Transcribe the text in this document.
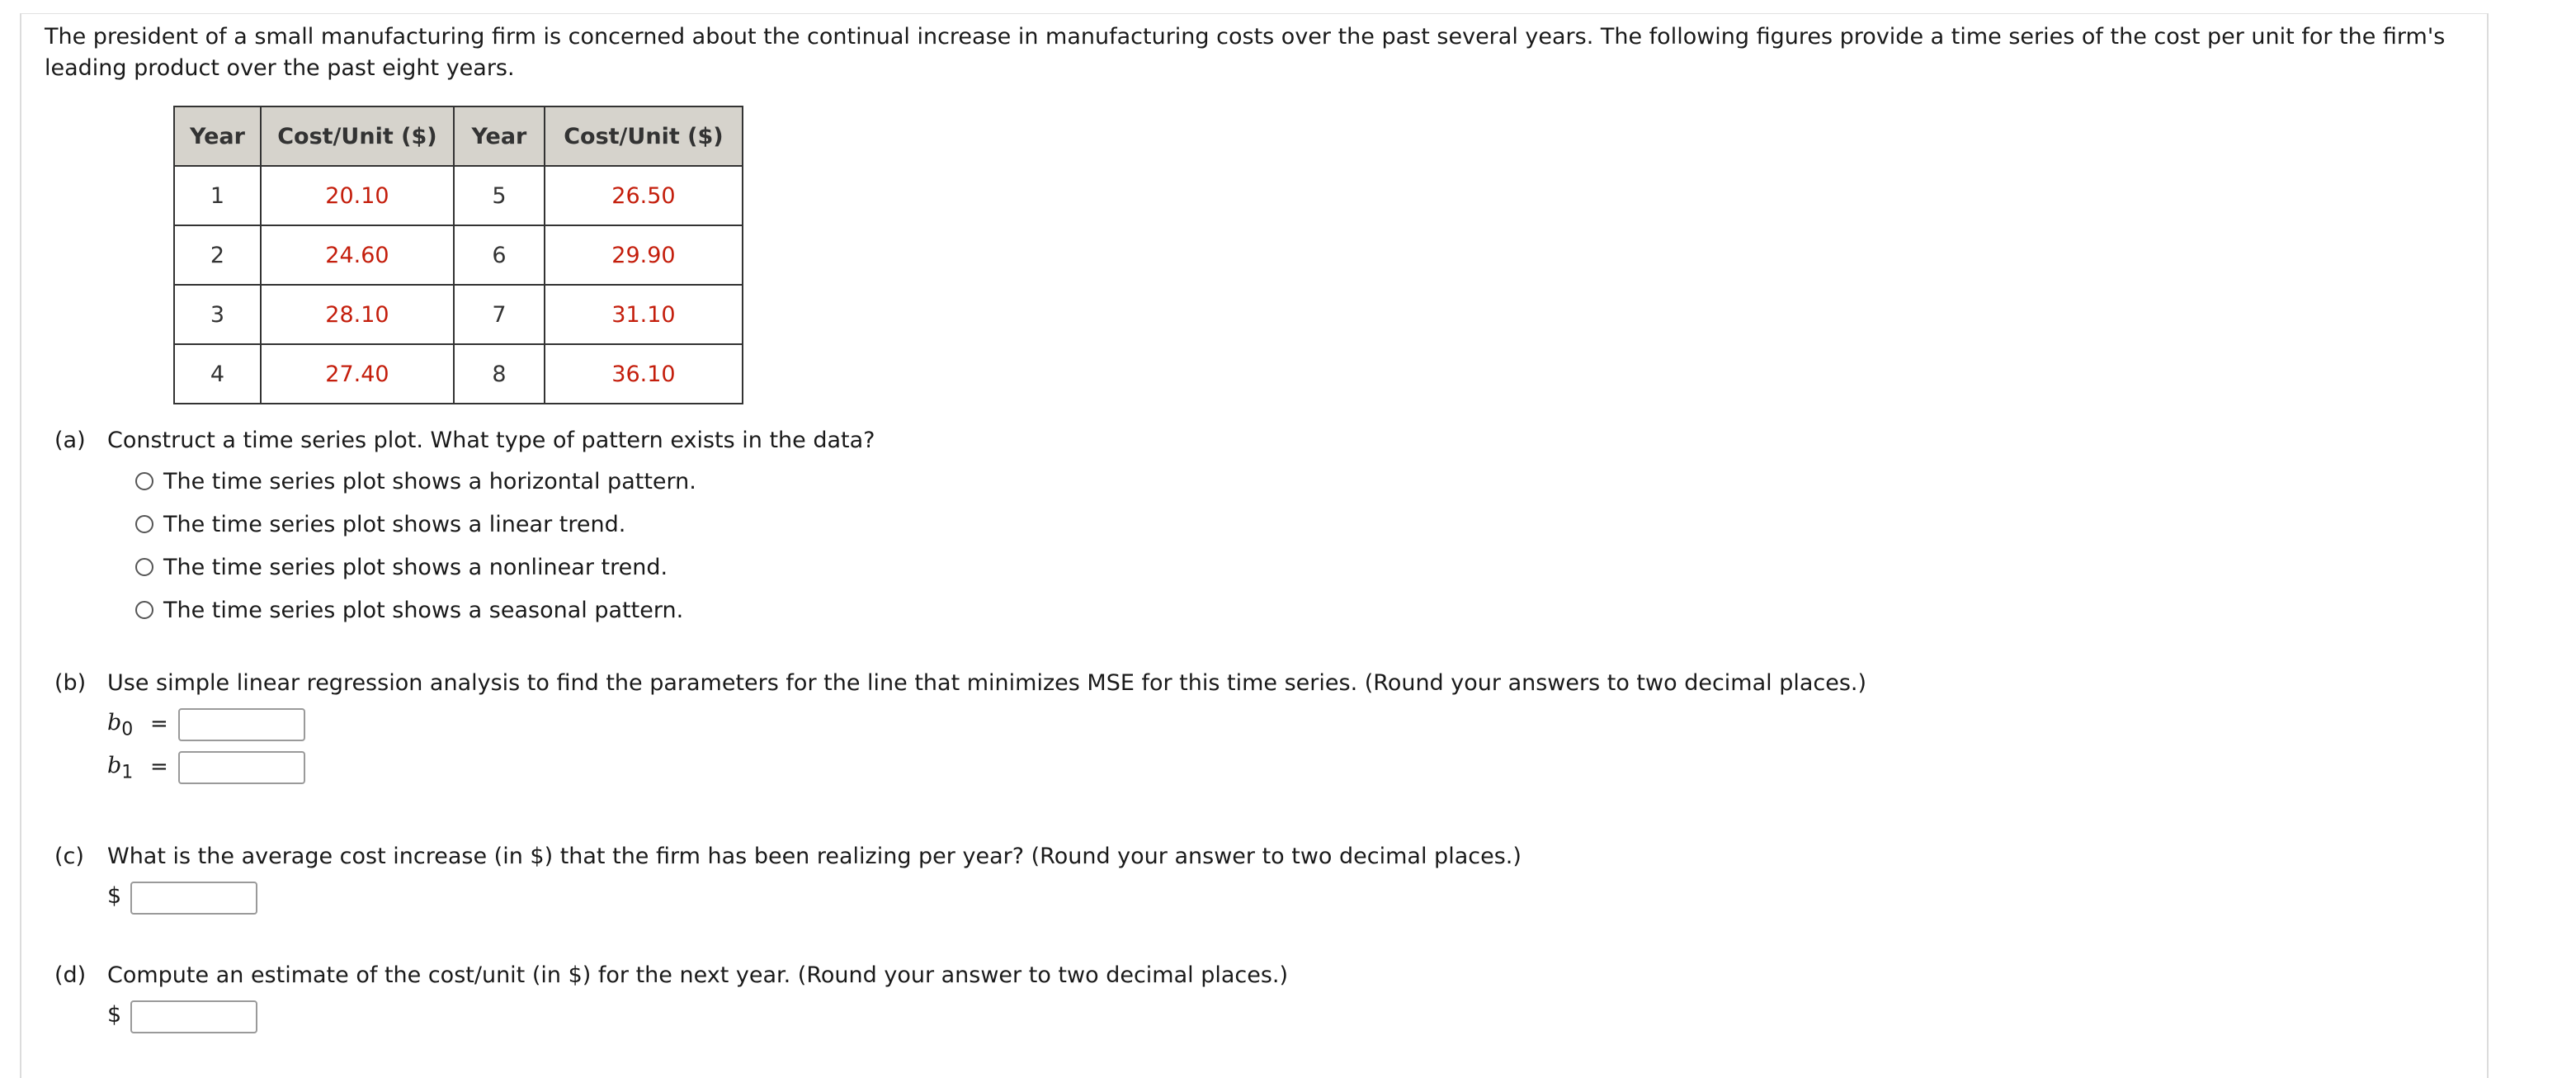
The president of a small manufacturing firm is concerned about the continual increase in manufacturing costs over the past several years. The following figures provide a time series of the cost per unit for the firm's leading product over the past eight years.

Year	Cost/Unit ($)	Year	Cost/Unit ($)
1	20.10	5	26.50
2	24.60	6	29.90
3	28.10	7	31.10
4	27.40	8	36.10
(a) Construct a time series plot. What type of pattern exists in the data?
The time series plot shows a horizontal pattern.
The time series plot shows a linear trend.
The time series plot shows a nonlinear trend.
The time series plot shows a seasonal pattern.
(b) Use simple linear regression analysis to find the parameters for the line that minimizes MSE for this time series. (Round your answers to two decimal places.)
$b_0$ =
$b_1$ =
(c) What is the average cost increase (in $) that the firm has been realizing per year? (Round your answer to two decimal places.)
$
(d) Compute an estimate of the cost/unit (in $) for the next year. (Round your answer to two decimal places.)
$
